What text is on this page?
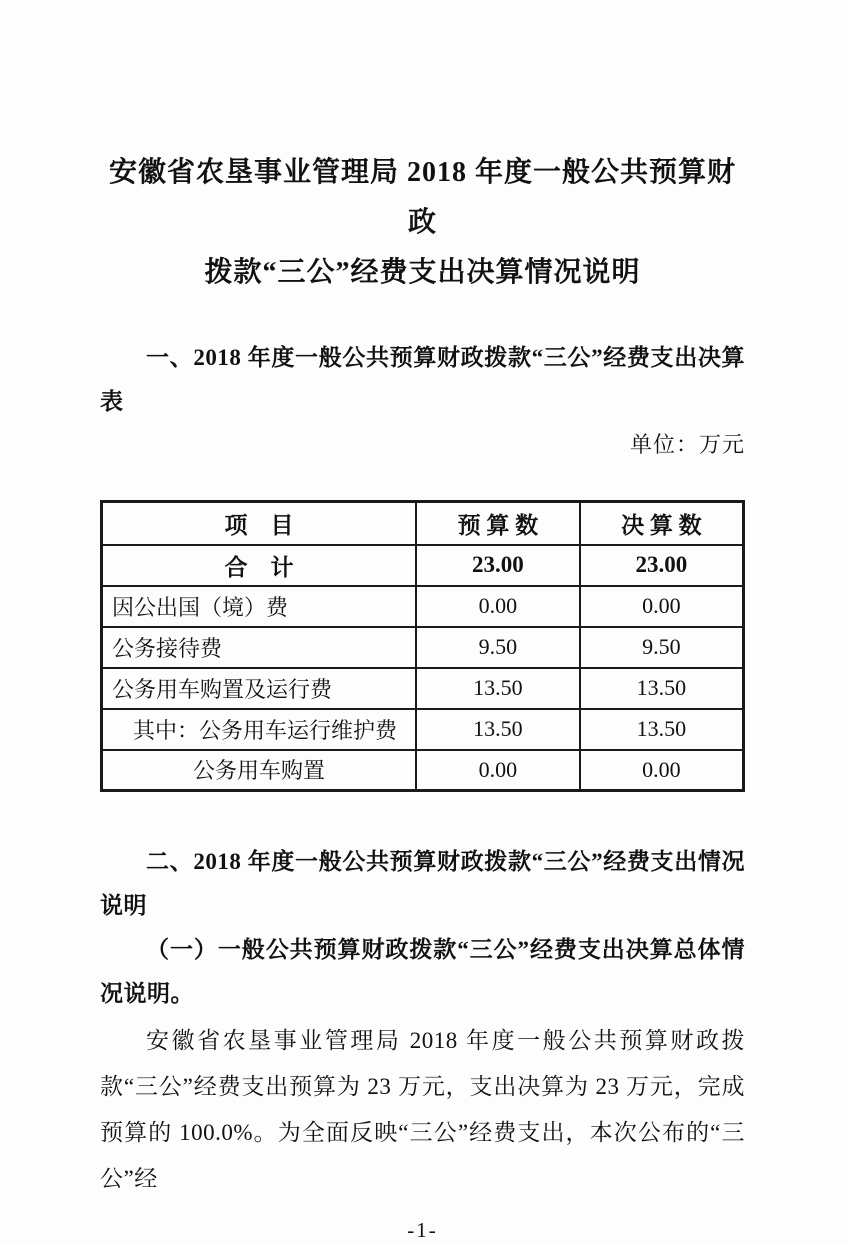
安徽省农垦事业管理局 2018 年度一般公共预算财政
拨款“三公”经费支出决算情况说明

一、2018 年度一般公共预算财政拨款“三公”经费支出决算表

单位：万元

项　目	预 算 数	决 算 数
合　计	23.00	23.00
因公出国（境）费	0.00	0.00
公务接待费	9.50	9.50
公务用车购置及运行费	13.50	13.50
其中：公务用车运行维护费	13.50	13.50
公务用车购置	0.00	0.00

二、2018 年度一般公共预算财政拨款“三公”经费支出情况说明

（一）一般公共预算财政拨款“三公”经费支出决算总体情况说明。

安徽省农垦事业管理局 2018 年度一般公共预算财政拨款“三公”经费支出预算为 23 万元，支出决算为 23 万元，完成预算的 100.0%。为全面反映“三公”经费支出，本次公布的“三公”经

-1-
